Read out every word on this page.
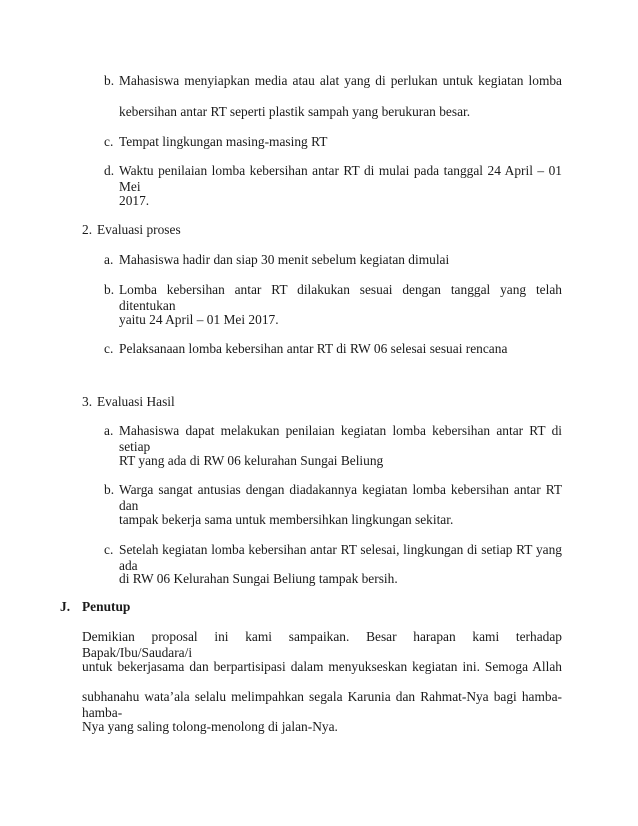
b. Mahasiswa menyiapkan media atau alat yang di perlukan untuk kegiatan lomba
kebersihan antar RT seperti plastik sampah yang berukuran besar.
c. Tempat lingkungan masing-masing RT
d. Waktu penilaian lomba kebersihan antar RT di mulai pada tanggal 24 April – 01 Mei
2017.
2. Evaluasi proses
a. Mahasiswa hadir dan siap 30 menit sebelum kegiatan dimulai
b. Lomba kebersihan antar RT dilakukan sesuai dengan tanggal yang telah ditentukan
yaitu 24 April – 01 Mei 2017.
c. Pelaksanaan lomba kebersihan antar RT di RW 06 selesai sesuai rencana
3. Evaluasi Hasil
a. Mahasiswa dapat melakukan penilaian kegiatan lomba kebersihan antar RT di setiap
RT yang ada di RW 06 kelurahan Sungai Beliung
b. Warga sangat antusias dengan diadakannya kegiatan lomba kebersihan antar RT dan
tampak bekerja sama untuk membersihkan lingkungan sekitar.
c. Setelah kegiatan lomba kebersihan antar RT selesai, lingkungan di setiap RT yang ada
di RW 06 Kelurahan Sungai Beliung tampak bersih.
J. Penutup
Demikian proposal ini kami sampaikan. Besar harapan kami terhadap Bapak/Ibu/Saudara/i
untuk bekerjasama dan berpartisipasi dalam menyukseskan kegiatan ini. Semoga Allah
subhanahu wata’ala selalu melimpahkan segala Karunia dan Rahmat-Nya bagi hamba-hamba-
Nya yang saling tolong-menolong di jalan-Nya.
